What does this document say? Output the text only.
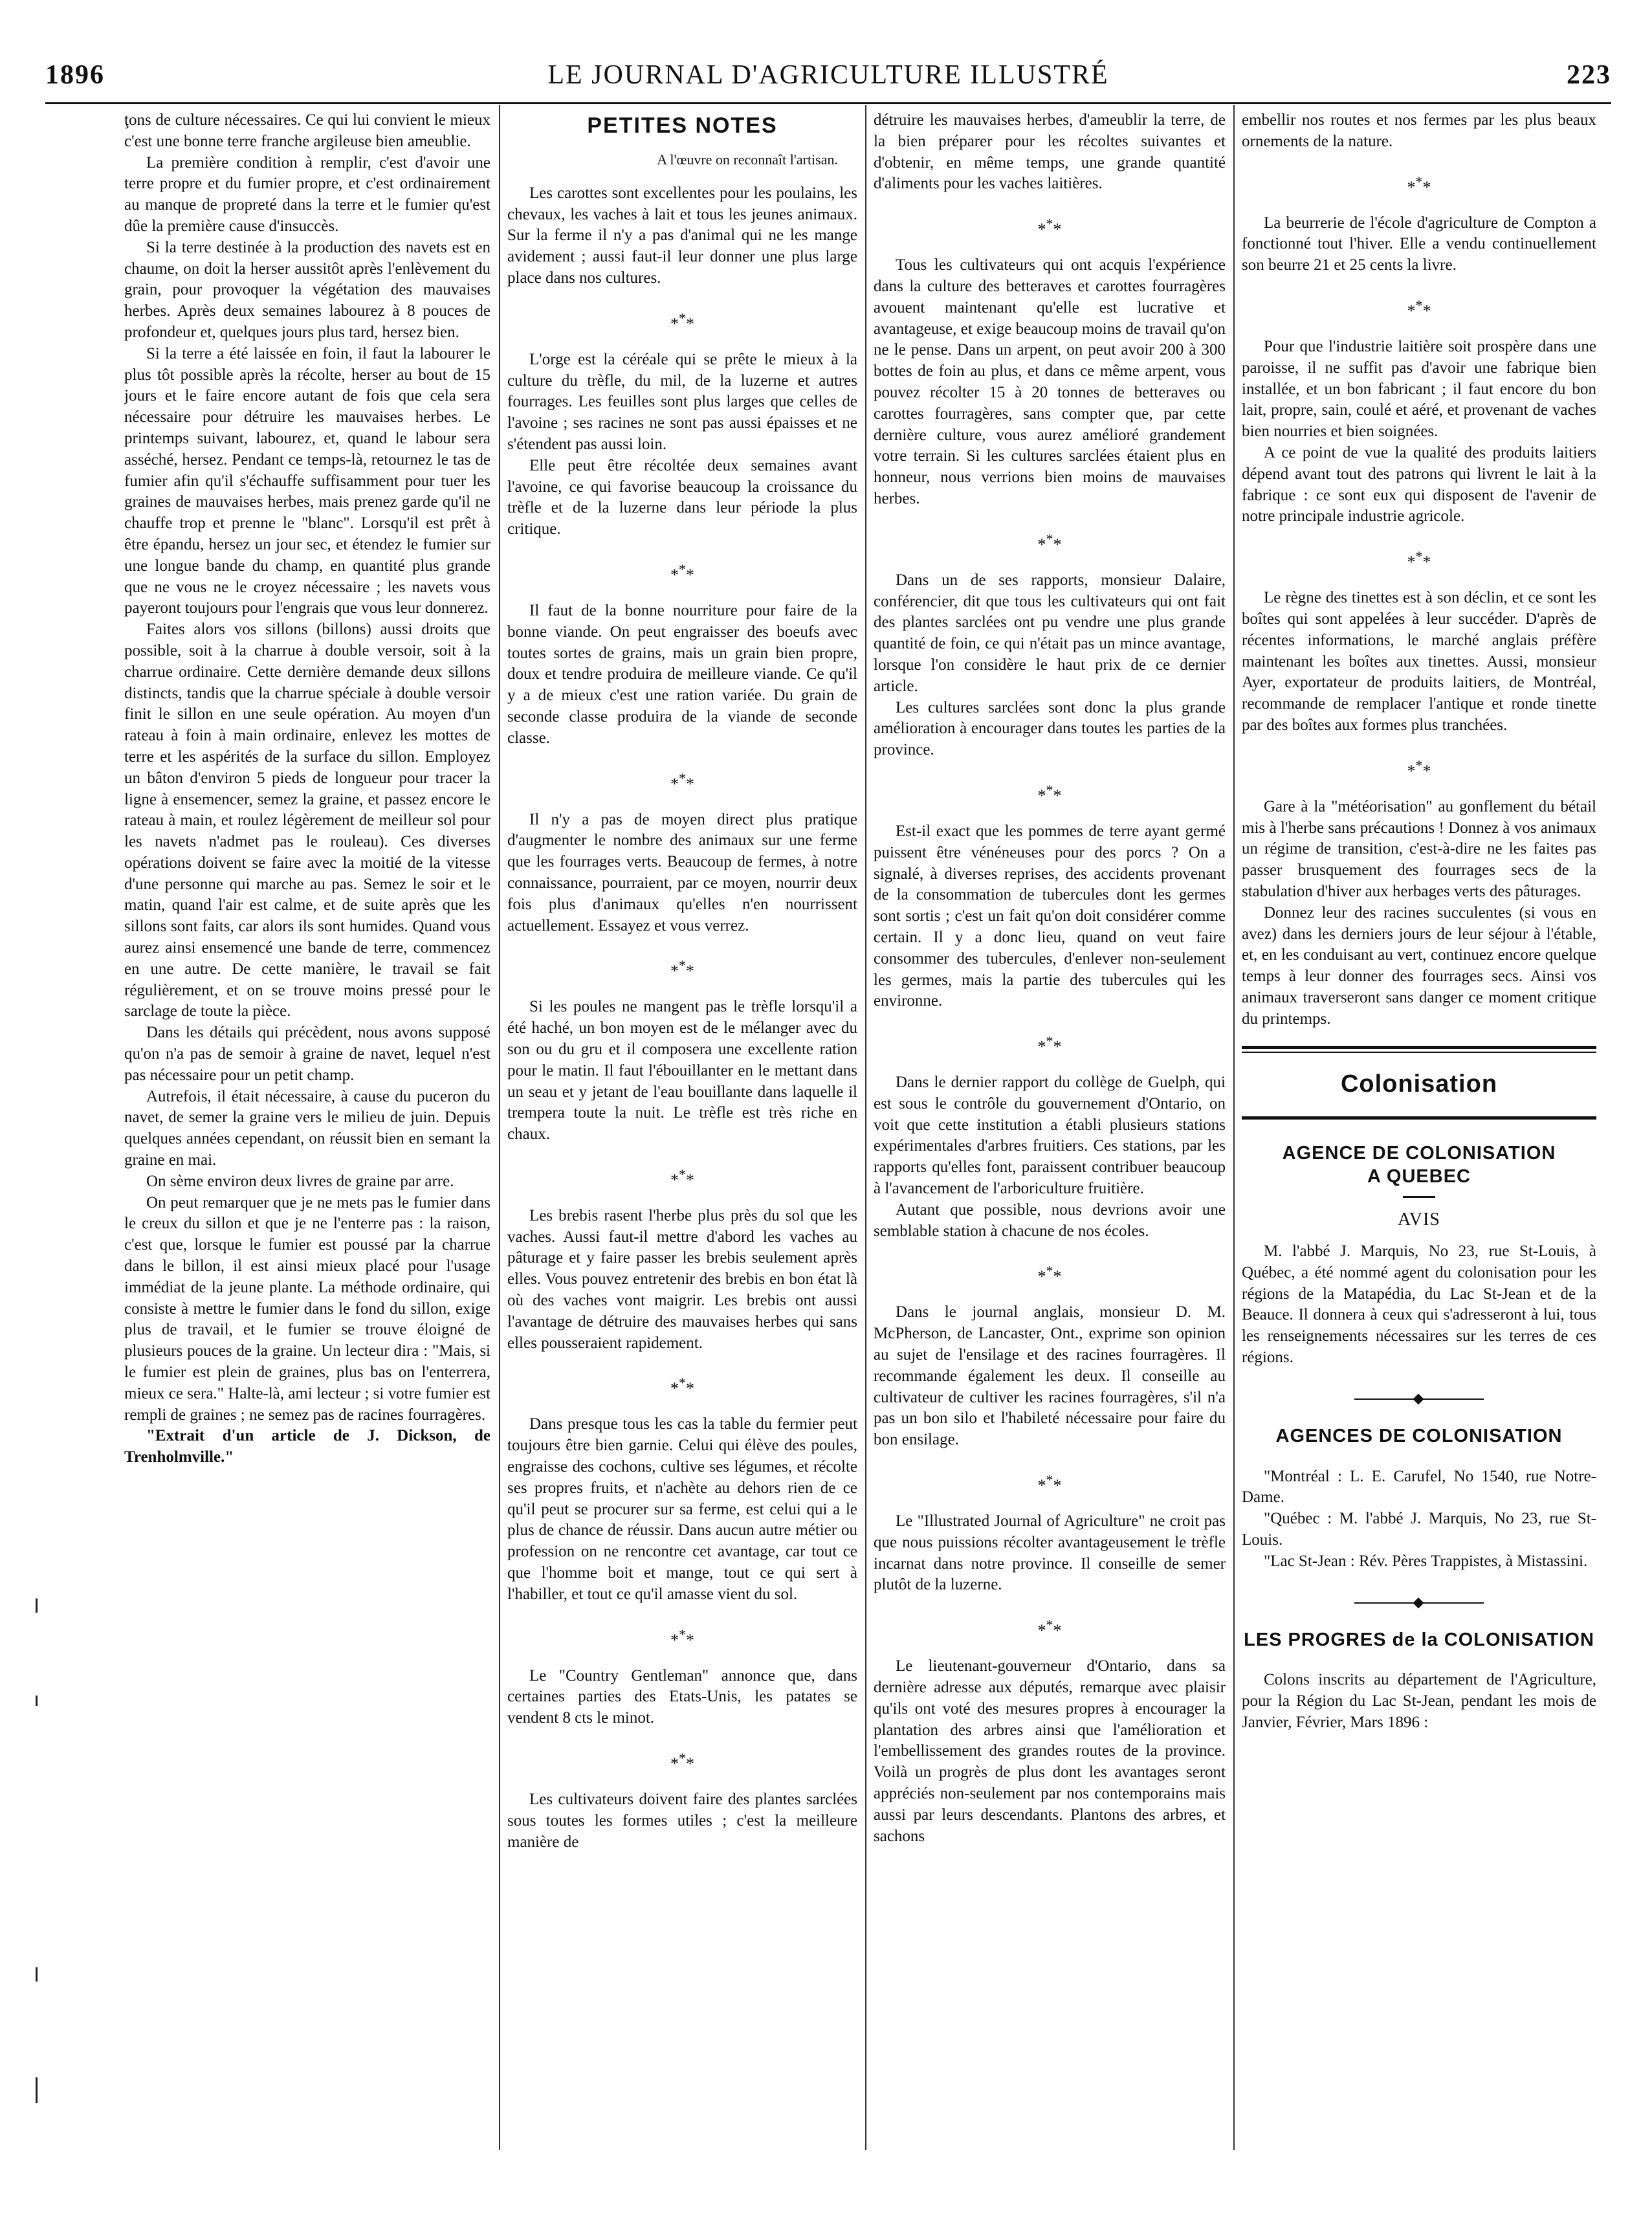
1896	LE JOURNAL D'AGRICULTURE ILLUSTRÉ	223

ţons de culture nécessaires. Ce qui lui convient le mieux c'est une bonne terre franche argileuse bien ameublie.

La première condition à remplir, c'est d'avoir une terre propre et du fumier propre, et c'est ordinairement au manque de propreté dans la terre et le fumier qu'est dûe la première cause d'insuccès.

Si la terre destinée à la production des navets est en chaume, on doit la herser aussitôt après l'enlèvement du grain, pour provoquer la végétation des mauvaises herbes. Après deux semaines labourez à 8 pouces de profondeur et, quelques jours plus tard, hersez bien.

Si la terre a été laissée en foin, il faut la labourer le plus tôt possible après la récolte, herser au bout de 15 jours et le faire encore autant de fois que cela sera nécessaire pour détruire les mauvaises herbes. Le printemps suivant, labourez, et, quand le labour sera asséché, hersez. Pendant ce temps-là, retournez le tas de fumier afin qu'il s'échauffe suffisamment pour tuer les graines de mauvaises herbes, mais prenez garde qu'il ne chauffe trop et prenne le "blanc". Lorsqu'il est prêt à être épandu, hersez un jour sec, et étendez le fumier sur une longue bande du champ, en quantité plus grande que ne vous ne le croyez nécessaire ; les navets vous payeront toujours pour l'engrais que vous leur donnerez.

Faites alors vos sillons (billons) aussi droits que possible, soit à la charrue à double versoir, soit à la charrue ordinaire. Cette dernière demande deux sillons distincts, tandis que la charrue spéciale à double versoir finit le sillon en une seule opération. Au moyen d'un rateau à foin à main ordinaire, enlevez les mottes de terre et les aspérités de la surface du sillon. Employez un bâton d'environ 5 pieds de longueur pour tracer la ligne à ensemencer, semez la graine, et passez encore le rateau à main, et roulez légèrement de meilleur sol pour les navets n'admet pas le rouleau). Ces diverses opérations doivent se faire avec la moitié de la vitesse d'une personne qui marche au pas. Semez le soir et le matin, quand l'air est calme, et de suite après que les sillons sont faits, car alors ils sont humides. Quand vous aurez ainsi ensemencé une bande de terre, commencez en une autre. De cette manière, le travail se fait régulièrement, et on se trouve moins pressé pour le sarclage de toute la pièce.

Dans les détails qui précèdent, nous avons supposé qu'on n'a pas de semoir à graine de navet, lequel n'est pas nécessaire pour un petit champ.

Autrefois, il était nécessaire, à cause du puceron du navet, de semer la graine vers le milieu de juin. Depuis quelques années cependant, on réussit bien en semant la graine en mai.

On sème environ deux livres de graine par arre.

On peut remarquer que je ne mets pas le fumier dans le creux du sillon et que je ne l'enterre pas : la raison, c'est que, lorsque le fumier est poussé par la charrue dans le billon, il est ainsi mieux placé pour l'usage immédiat de la jeune plante. La méthode ordinaire, qui consiste à mettre le fumier dans le fond du sillon, exige plus de travail, et le fumier se trouve éloigné de plusieurs pouces de la graine. Un lecteur dira : "Mais, si le fumier est plein de graines, plus bas on l'enterrera, mieux ce sera." Halte-là, ami lecteur ; si votre fumier est rempli de graines ; ne semez pas de racines fourragères.

"Extrait d'un article de J. Dickson, de Trenholmville."

PETITES NOTES
A l'œuvre on reconnaît l'artisan.

Les carottes sont excellentes pour les poulains, les chevaux, les vaches à lait et tous les jeunes animaux. Sur la ferme il n'y a pas d'animal qui ne les mange avidement ; aussi faut-il leur donner une plus large place dans nos cultures.

***

L'orge est la céréale qui se prête le mieux à la culture du trèfle, du mil, de la luzerne et autres fourrages. Les feuilles sont plus larges que celles de l'avoine ; ses racines ne sont pas aussi épaisses et ne s'étendent pas aussi loin.

Elle peut être récoltée deux semaines avant l'avoine, ce qui favorise beaucoup la croissance du trèfle et de la luzerne dans leur période la plus critique.

***

Il faut de la bonne nourriture pour faire de la bonne viande. On peut engraisser des boeufs avec toutes sortes de grains, mais un grain bien propre, doux et tendre produira de meilleure viande. Ce qu'il y a de mieux c'est une ration variée. Du grain de seconde classe produira de la viande de seconde classe.

***

Il n'y a pas de moyen direct plus pratique d'augmenter le nombre des animaux sur une ferme que les fourrages verts. Beaucoup de fermes, à notre connaissance, pourraient, par ce moyen, nourrir deux fois plus d'animaux qu'elles n'en nourrissent actuellement. Essayez et vous verrez.

***

Si les poules ne mangent pas le trèfle lorsqu'il a été haché, un bon moyen est de le mélanger avec du son ou du gru et il composera une excellente ration pour le matin. Il faut l'ébouillanter en le mettant dans un seau et y jetant de l'eau bouillante dans laquelle il trempera toute la nuit. Le trèfle est très riche en chaux.

***

Les brebis rasent l'herbe plus près du sol que les vaches. Aussi faut-il mettre d'abord les vaches au pâturage et y faire passer les brebis seulement après elles. Vous pouvez entretenir des brebis en bon état là où des vaches vont maigrir. Les brebis ont aussi l'avantage de détruire des mauvaises herbes qui sans elles pousseraient rapidement.

***

Dans presque tous les cas la table du fermier peut toujours être bien garnie. Celui qui élève des poules, engraisse des cochons, cultive ses légumes, et récolte ses propres fruits, et n'achète au dehors rien de ce qu'il peut se procurer sur sa ferme, est celui qui a le plus de chance de réussir. Dans aucun autre métier ou profession on ne rencontre cet avantage, car tout ce que l'homme boit et mange, tout ce qui sert à l'habiller, et tout ce qu'il amasse vient du sol.

***

Le "Country Gentleman" annonce que, dans certaines parties des Etats-Unis, les patates se vendent 8 cts le minot.

***

Les cultivateurs doivent faire des plantes sarclées sous toutes les formes utiles ; c'est la meilleure manière de

détruire les mauvaises herbes, d'ameublir la terre, de la bien préparer pour les récoltes suivantes et d'obtenir, en même temps, une grande quantité d'aliments pour les vaches laitières.

***

Tous les cultivateurs qui ont acquis l'expérience dans la culture des betteraves et carottes fourragères avouent maintenant qu'elle est lucrative et avantageuse, et exige beaucoup moins de travail qu'on ne le pense. Dans un arpent, on peut avoir 200 à 300 bottes de foin au plus, et dans ce même arpent, vous pouvez récolter 15 à 20 tonnes de betteraves ou carottes fourragères, sans compter que, par cette dernière culture, vous aurez amélioré grandement votre terrain. Si les cultures sarclées étaient plus en honneur, nous verrions bien moins de mauvaises herbes.

***

Dans un de ses rapports, monsieur Dalaire, conférencier, dit que tous les cultivateurs qui ont fait des plantes sarclées ont pu vendre une plus grande quantité de foin, ce qui n'était pas un mince avantage, lorsque l'on considère le haut prix de ce dernier article.

Les cultures sarclées sont donc la plus grande amélioration à encourager dans toutes les parties de la province.

***

Est-il exact que les pommes de terre ayant germé puissent être vénéneuses pour des porcs ? On a signalé, à diverses reprises, des accidents provenant de la consommation de tubercules dont les germes sont sortis ; c'est un fait qu'on doit considérer comme certain. Il y a donc lieu, quand on veut faire consommer des tubercules, d'enlever non-seulement les germes, mais la partie des tubercules qui les environne.

***

Dans le dernier rapport du collège de Guelph, qui est sous le contrôle du gouvernement d'Ontario, on voit que cette institution a établi plusieurs stations expérimentales d'arbres fruitiers. Ces stations, par les rapports qu'elles font, paraissent contribuer beaucoup à l'avancement de l'arboriculture fruitière.

Autant que possible, nous devrions avoir une semblable station à chacune de nos écoles.

***

Dans le journal anglais, monsieur D. M. McPherson, de Lancaster, Ont., exprime son opinion au sujet de l'ensilage et des racines fourragères. Il recommande également les deux. Il conseille au cultivateur de cultiver les racines fourragères, s'il n'a pas un bon silo et l'habileté nécessaire pour faire du bon ensilage.

***

Le "Illustrated Journal of Agriculture" ne croit pas que nous puissions récolter avantageusement le trèfle incarnat dans notre province. Il conseille de semer plutôt de la luzerne.

***

Le lieutenant-gouverneur d'Ontario, dans sa dernière adresse aux députés, remarque avec plaisir qu'ils ont voté des mesures propres à encourager la plantation des arbres ainsi que l'amélioration et l'embellissement des grandes routes de la province. Voilà un progrès de plus dont les avantages seront appréciés non-seulement par nos contemporains mais aussi par leurs descendants. Plantons des arbres, et sachons

embellir nos routes et nos fermes par les plus beaux ornements de la nature.

***

La beurrerie de l'école d'agriculture de Compton a fonctionné tout l'hiver. Elle a vendu continuellement son beurre 21 et 25 cents la livre.

***

Pour que l'industrie laitière soit prospère dans une paroisse, il ne suffit pas d'avoir une fabrique bien installée, et un bon fabricant ; il faut encore du bon lait, propre, sain, coulé et aéré, et provenant de vaches bien nourries et bien soignées.

A ce point de vue la qualité des produits laitiers dépend avant tout des patrons qui livrent le lait à la fabrique : ce sont eux qui disposent de l'avenir de notre principale industrie agricole.

***

Le règne des tinettes est à son déclin, et ce sont les boîtes qui sont appelées à leur succéder. D'après de récentes informations, le marché anglais préfère maintenant les boîtes aux tinettes. Aussi, monsieur Ayer, exportateur de produits laitiers, de Montréal, recommande de remplacer l'antique et ronde tinette par des boîtes aux formes plus tranchées.

***

Gare à la "météorisation" au gonflement du bétail mis à l'herbe sans précautions ! Donnez à vos animaux un régime de transition, c'est-à-dire ne les faites pas passer brusquement des fourrages secs de la stabulation d'hiver aux herbages verts des pâturages.

Donnez leur des racines succulentes (si vous en avez) dans les derniers jours de leur séjour à l'étable, et, en les conduisant au vert, continuez encore quelque temps à leur donner des fourrages secs. Ainsi vos animaux traverseront sans danger ce moment critique du printemps.

Colonisation
AGENCE DE COLONISATION A QUEBEC
AVIS

M. l'abbé J. Marquis, No 23, rue St-Louis, à Québec, a été nommé agent du colonisation pour les régions de la Matapédia, du Lac St-Jean et de la Beauce. Il donnera à ceux qui s'adresseront à lui, tous les renseignements nécessaires sur les terres de ces régions.

AGENCES DE COLONISATION

"Montréal : L. E. Carufel, No 1540, rue Notre-Dame.

"Québec : M. l'abbé J. Marquis, No 23, rue St-Louis.

"Lac St-Jean : Rév. Pères Trappistes, à Mistassini.

LES PROGRES de la COLONISATION

Colons inscrits au département de l'Agriculture, pour la Région du Lac St-Jean, pendant les mois de Janvier, Février, Mars 1896 :
